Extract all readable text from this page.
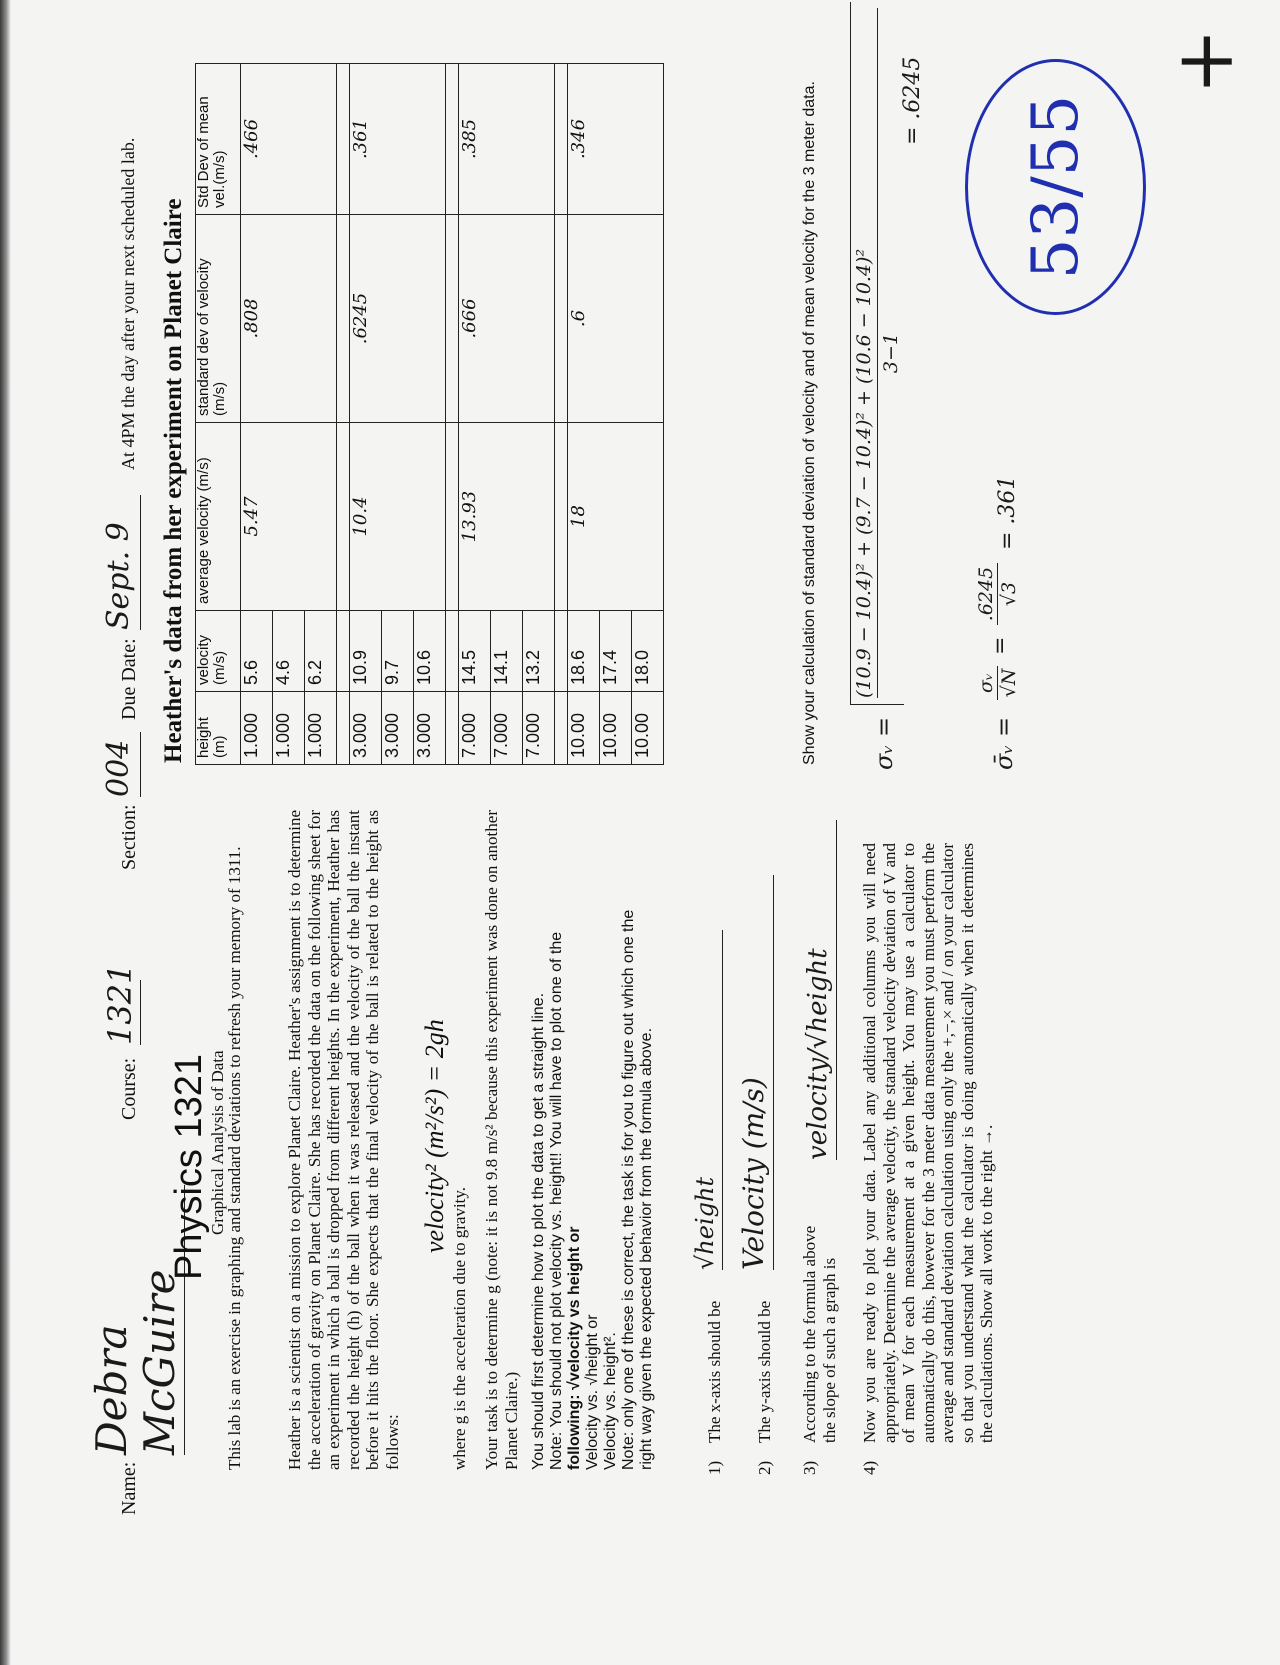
Name:
Debra McGuire
Course:
1321
Section:
004
Due Date:
Sept. 9
At 4PM the day after your next scheduled lab.
Physics 1321
Graphical Analysis of Data
This lab is an exercise in graphing and standard deviations to refresh your memory of 1311. Heather is a scientist on a mission to explore Planet Claire. Heather's assignment is to determine the acceleration of gravity on Planet Claire. She has recorded the data on the following sheet for an experiment in which a ball is dropped from different heights. In the experiment, Heather has recorded the height (h) of the ball when it was released and the velocity of the ball the instant before it hits the floor. She expects that the final velocity of the ball is related to the height as follows:
velocity² (m²/s²) = 2gh
where g is the acceleration due to gravity. Your task is to determine g (note: it is not 9.8 m/s² because this experiment was done on another Planet Claire.) You should first determine how to plot the data to get a straight line. Note: You should not plot velocity vs. height!! You will have to plot one of the following: √velocity vs height or Velocity vs. √height or Velocity vs. height². Note: only one of these is correct, the task is for you to figure out which one the right way given the expected behavior from the formula above.	1)
The x-axis should be
√height
2)
The y-axis should be
Velocity (m/s)
3)
According to the formula above the slope of such a graph is
velocity/√height
4)
Now you are ready to plot your data. Label any additional columns you will need appropriately. Determine the average velocity, the standard velocity deviation of V and of mean V for each measurement at a given height. You may use a calculator to automatically do this, however for the 3 meter data measurement you must perform the average and standard deviation calculation using only the +,−,× and / on your calculator so that you understand what the calculator is doing automatically when it determines the calculations. Show all work to the right →.
Heather's data from her experiment on Planet Claire height (m)	velocity (m/s)	average velocity (m/s)	standard dev of velocity (m/s)	Std Dev of mean vel.(m/s)
1.000	5.6	5.47	.808	.466
1.000	4.6			
1.000	6.2			

3.000	10.9	10.4	.6245	.361
3.000	9.7			
3.000	10.6			

7.000	14.5	13.93	.666	.385
7.000	14.1			
7.000	13.2			

10.00	18.6	18	.6	.346
10.00	17.4			
10.00	18.0				Show your calculation of standard deviation of velocity and of mean velocity for the 3 meter data. σᵥ =
(10.9 − 10.4)² + (9.7 − 10.4)² + (10.6 − 10.4)² 3−1
= .6245
σ̄ᵥ =
σᵥ √N
=
.6245 √3
= .361
53/55
+
